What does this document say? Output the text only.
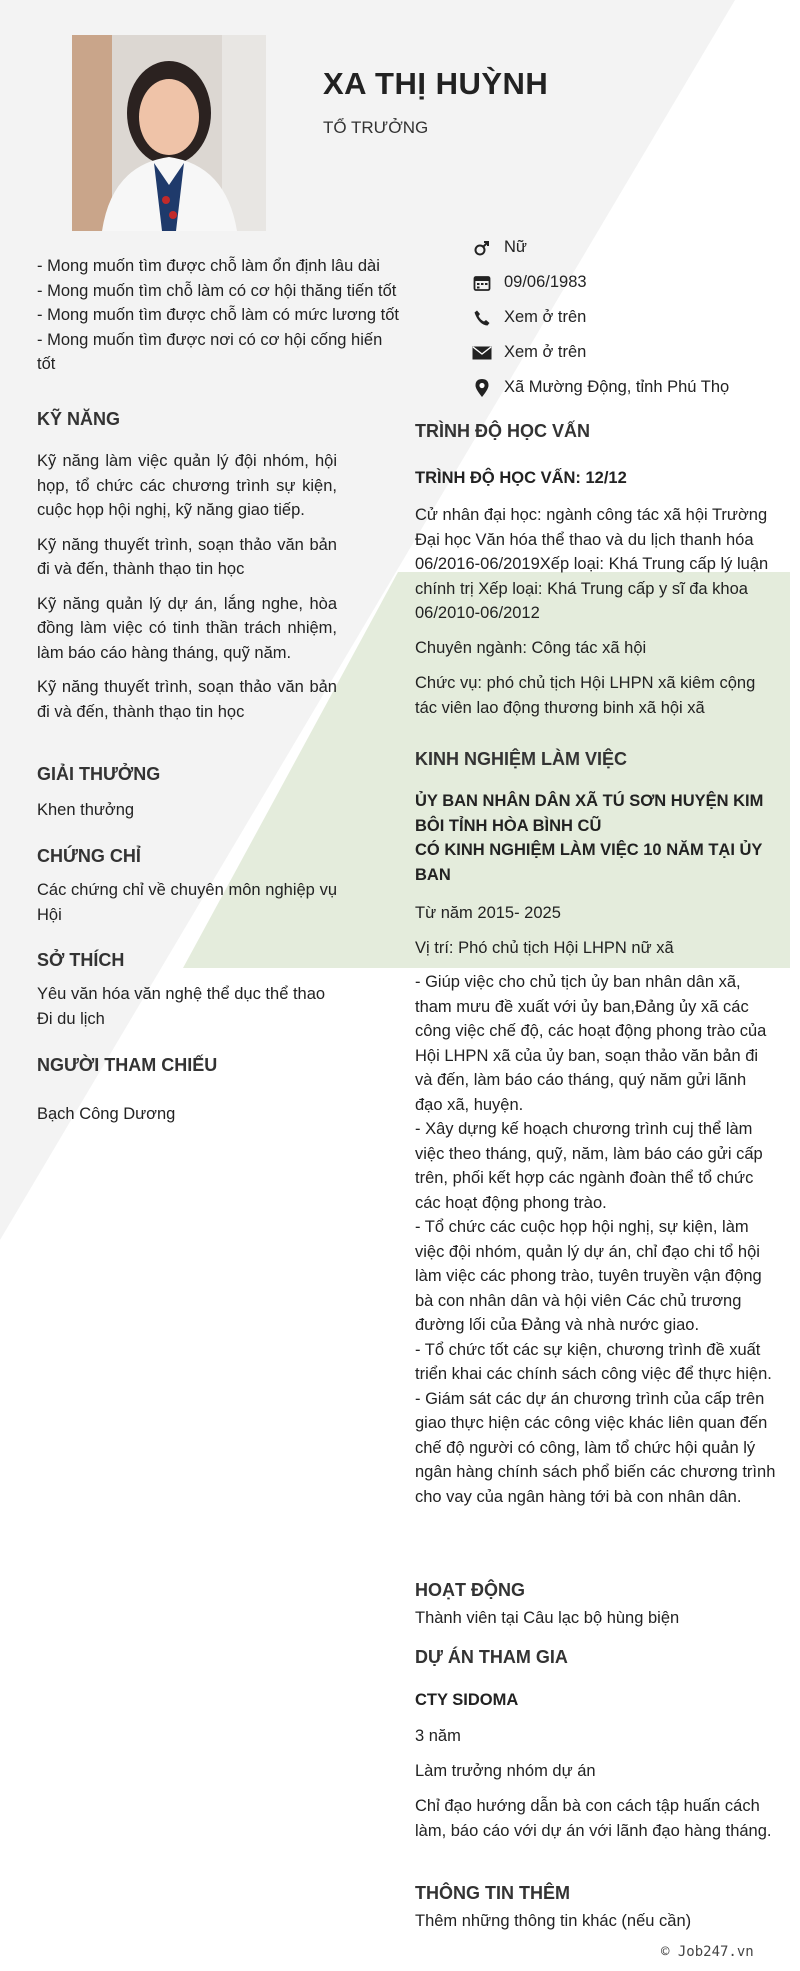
XA THỊ HUỲNH
TỔ TRƯỞNG
- Mong muốn tìm được chỗ làm ổn định lâu dài
- Mong muốn tìm chỗ làm có cơ hội thăng tiến tốt
- Mong muốn tìm được chỗ làm có mức lương tốt
- Mong muốn tìm được nơi có cơ hội cống hiến tốt
Nữ
09/06/1983
Xem ở trên
Xem ở trên
Xã Mường Động, tỉnh Phú Thọ
KỸ NĂNG
Kỹ năng làm việc quản lý đội nhóm, hội họp, tổ chức các chương trình sự kiện, cuộc họp hội nghị, kỹ năng giao tiếp.
Kỹ năng thuyết trình, soạn thảo văn bản đi và đến, thành thạo tin học
Kỹ năng quản lý dự án, lắng nghe, hòa đồng làm việc có tinh thần trách nhiệm, làm báo cáo hàng tháng, quỹ năm.
Kỹ năng thuyết trình, soạn thảo văn bản đi và đến, thành thạo tin học
GIẢI THƯỞNG
Khen thưởng
CHỨNG CHỈ
Các chứng chỉ về chuyên môn nghiệp vụ Hội
SỞ THÍCH
Yêu văn hóa văn nghệ thể dục thể thao
Đi du lịch
NGƯỜI THAM CHIẾU
Bạch Công Dương
TRÌNH ĐỘ HỌC VẤN
TRÌNH ĐỘ HỌC VẤN: 12/12
Cử nhân đại học: ngành công tác xã hội Trường Đại học Văn hóa thể thao và du lịch thanh hóa 06/2016-06/2019Xếp loại: Khá Trung cấp lý luận chính trị Xếp loại: Khá Trung cấp y sĩ đa khoa 06/2010-06/2012
Chuyên ngành: Công tác xã hội
Chức vụ: phó chủ tịch Hội LHPN xã kiêm cộng tác viên lao động thương binh xã hội xã
KINH NGHIỆM LÀM VIỆC
ỦY BAN NHÂN DÂN XÃ TÚ SƠN HUYỆN KIM BÔI TỈNH HÒA BÌNH CŨ
CÓ KINH NGHIỆM LÀM VIỆC 10 NĂM TẠI ỦY BAN
Từ năm 2015- 2025
Vị trí: Phó chủ tịch Hội LHPN nữ xã
- Giúp việc cho chủ tịch ủy ban nhân dân xã, tham mưu đề xuất với ủy ban,Đảng ủy xã các công việc chế độ, các hoạt động phong trào của Hội LHPN xã của ủy ban, soạn thảo văn bản đi và đến, làm báo cáo tháng, quý năm gửi lãnh đạo xã, huyện.
- Xây dựng kế hoạch chương trình cuj thể làm việc theo tháng, quỹ, năm, làm báo cáo gửi cấp trên, phối kết hợp các ngành đoàn thể tổ chức các hoạt động phong trào.
- Tổ chức các cuộc họp hội nghị, sự kiện, làm việc đội nhóm, quản lý dự án, chỉ đạo chi tổ hội làm việc các phong trào, tuyên truyền vận động bà con nhân dân và hội viên Các chủ trương đường lối của Đảng và nhà nước giao.
- Tổ chức tốt các sự kiện, chương trình đề xuất triển khai các chính sách công việc để thực hiện.
- Giám sát các dự án chương trình của cấp trên giao thực hiện các công việc khác liên quan đến chế độ người có công, làm tổ chức hội quản lý ngân hàng chính sách phổ biến các chương trình cho vay của ngân hàng tới bà con nhân dân.
HOẠT ĐỘNG
Thành viên tại Câu lạc bộ hùng biện
DỰ ÁN THAM GIA
CTY SIDOMA
3 năm
Làm trưởng nhóm dự án
Chỉ đạo hướng dẫn bà con cách tập huấn cách làm, báo cáo với dự án với lãnh đạo hàng tháng.
THÔNG TIN THÊM
Thêm những thông tin khác (nếu cần)
© Job247.vn
